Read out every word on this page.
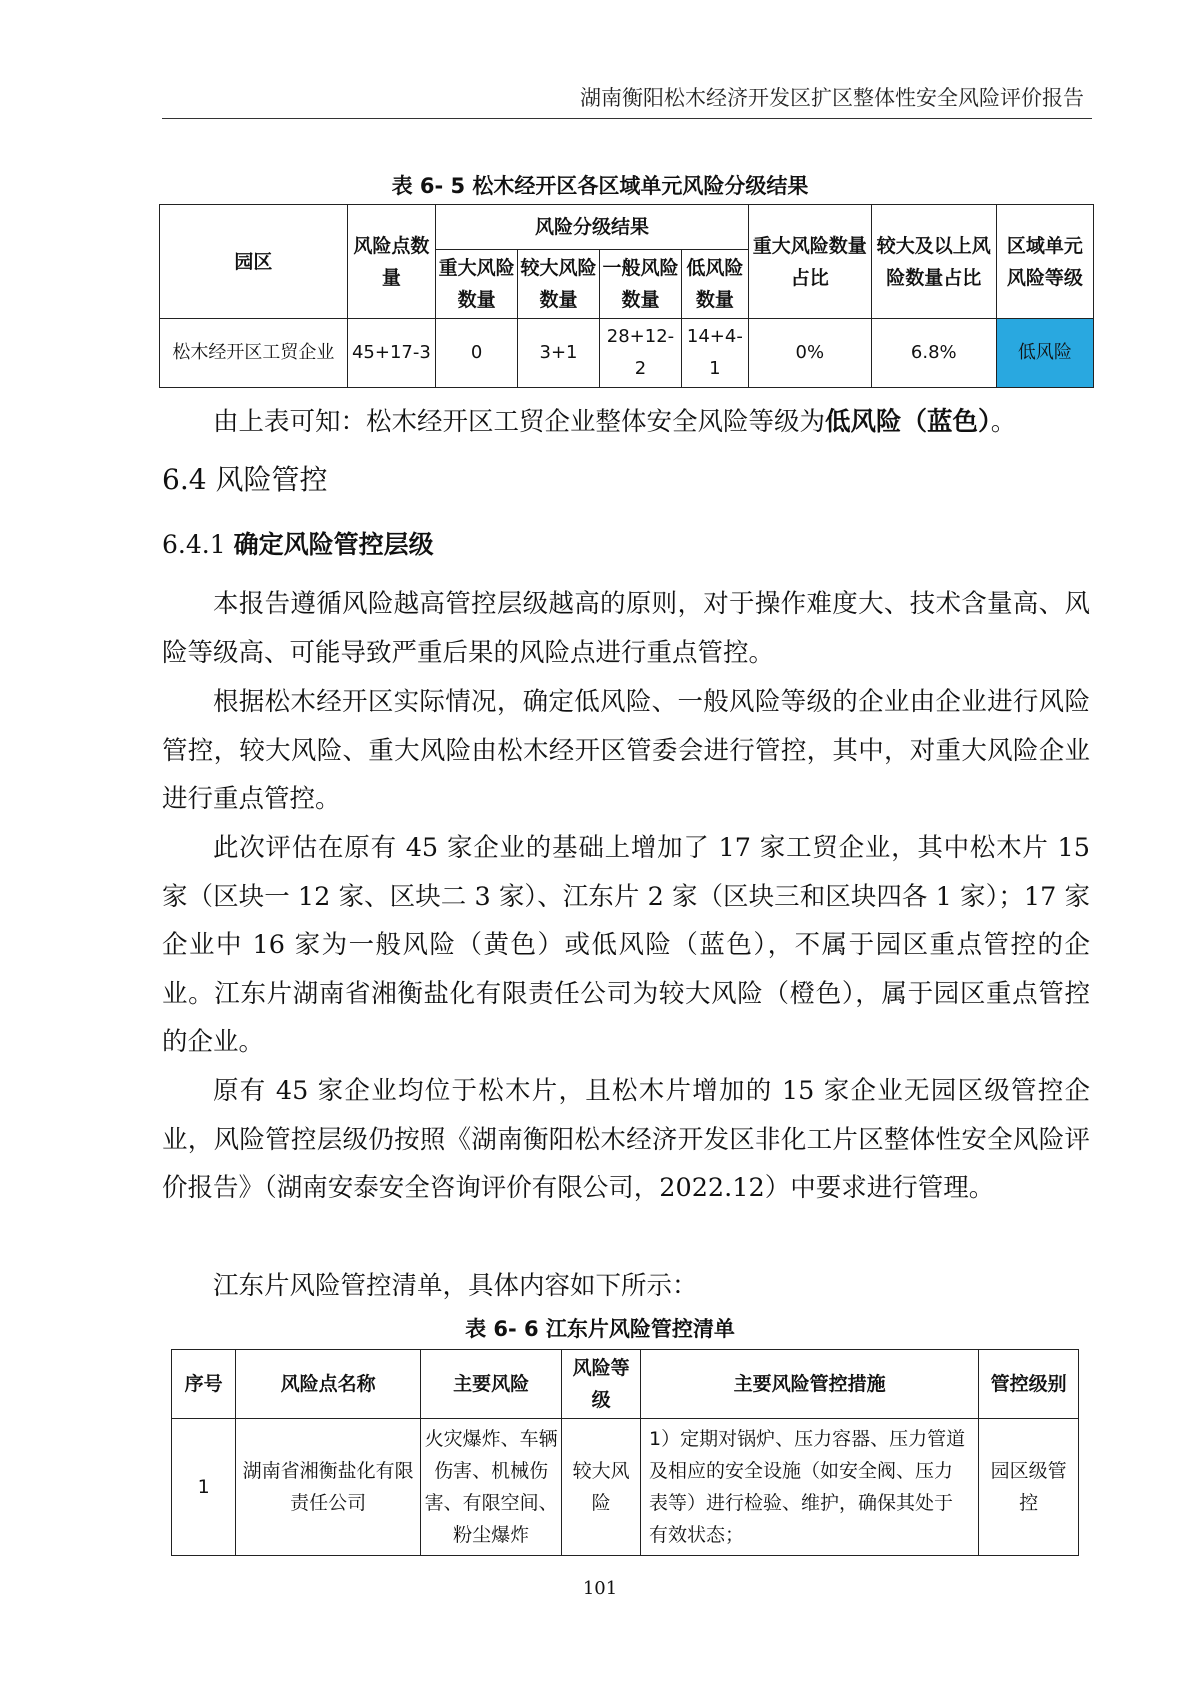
湖南衡阳松木经济开发区扩区整体性安全风险评价报告
表 6- 5 松木经开区各区域单元风险分级结果
园区	风险点数量	风险分级结果				重大风险数量占比	较大及以上风险数量占比	区域单元风险等级
		重大风险数量	较大风险数量	一般风险数量	低风险数量			
松木经开区工贸企业	45+17-3	0	3+1	28+12-2	14+4-1	0%	6.8%	低风险

由上表可知：松木经开区工贸企业整体安全风险等级为低风险（蓝色）。

6.4 风险管控
6.4.1 确定风险管控层级

本报告遵循风险越高管控层级越高的原则，对于操作难度大、技术含量高、风险等级高、可能导致严重后果的风险点进行重点管控。

根据松木经开区实际情况，确定低风险、一般风险等级的企业由企业进行风险管控，较大风险、重大风险由松木经开区管委会进行管控，其中，对重大风险企业进行重点管控。

此次评估在原有 45 家企业的基础上增加了 17 家工贸企业，其中松木片 15 家（区块一 12 家、区块二 3 家）、江东片 2 家（区块三和区块四各 1 家）；17 家企业中 16 家为一般风险（黄色）或低风险（蓝色），不属于园区重点管控的企业。江东片湖南省湘衡盐化有限责任公司为较大风险（橙色），属于园区重点管控的企业。

原有 45 家企业均位于松木片，且松木片增加的 15 家企业无园区级管控企业，风险管控层级仍按照《湖南衡阳松木经济开发区非化工片区整体性安全风险评价报告》（湖南安泰安全咨询评价有限公司，2022.12）中要求进行管理。

江东片风险管控清单，具体内容如下所示：

表 6- 6 江东片风险管控清单
序号	风险点名称	主要风险	风险等级	主要风险管控措施	管控级别
1	湖南省湘衡盐化有限责任公司	火灾爆炸、车辆伤害、机械伤害、有限空间、粉尘爆炸	较大风险	1）定期对锅炉、压力容器、压力管道及相应的安全设施（如安全阀、压力表等）进行检验、维护，确保其处于有效状态；	园区级管控
101
